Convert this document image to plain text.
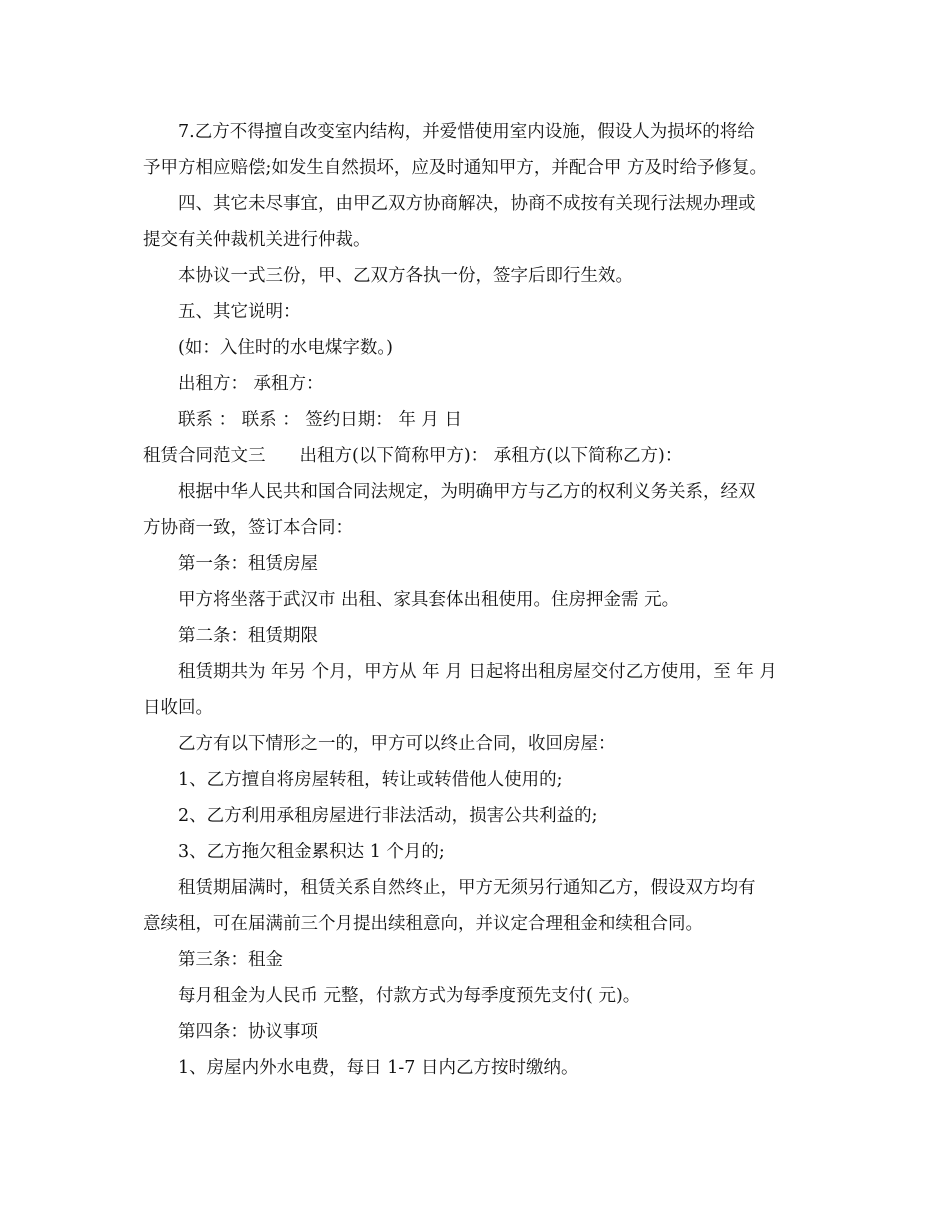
7.乙方不得擅自改变室内结构，并爱惜使用室内设施，假设人为损坏的将给
予甲方相应赔偿;如发生自然损坏，应及时通知甲方，并配合甲 方及时给予修复。
四、其它未尽事宜，由甲乙双方协商解决，协商不成按有关现行法规办理或
提交有关仲裁机关进行仲裁。
本协议一式三份，甲、乙双方各执一份，签字后即行生效。
五、其它说明：
(如：入住时的水电煤字数。)
出租方： 承租方：
联系 ： 联系 ： 签约日期： 年 月 日
租赁合同范文三 出租方(以下简称甲方)： 承租方(以下简称乙方)：
根据中华人民共和国合同法规定，为明确甲方与乙方的权利义务关系，经双
方协商一致，签订本合同：
第一条：租赁房屋
甲方将坐落于武汉市 出租、家具套体出租使用。住房押金需 元。
第二条：租赁期限
租赁期共为 年另 个月，甲方从 年 月 日起将出租房屋交付乙方使用，至 年 月
日收回。
乙方有以下情形之一的，甲方可以终止合同，收回房屋：
1、乙方擅自将房屋转租，转让或转借他人使用的;
2、乙方利用承租房屋进行非法活动，损害公共利益的;
3、乙方拖欠租金累积达 1 个月的;
租赁期届满时，租赁关系自然终止，甲方无须另行通知乙方，假设双方均有
意续租，可在届满前三个月提出续租意向，并议定合理租金和续租合同。
第三条：租金
每月租金为人民币 元整，付款方式为每季度预先支付( 元)。
第四条：协议事项
1、房屋内外水电费，每日 1-7 日内乙方按时缴纳。
